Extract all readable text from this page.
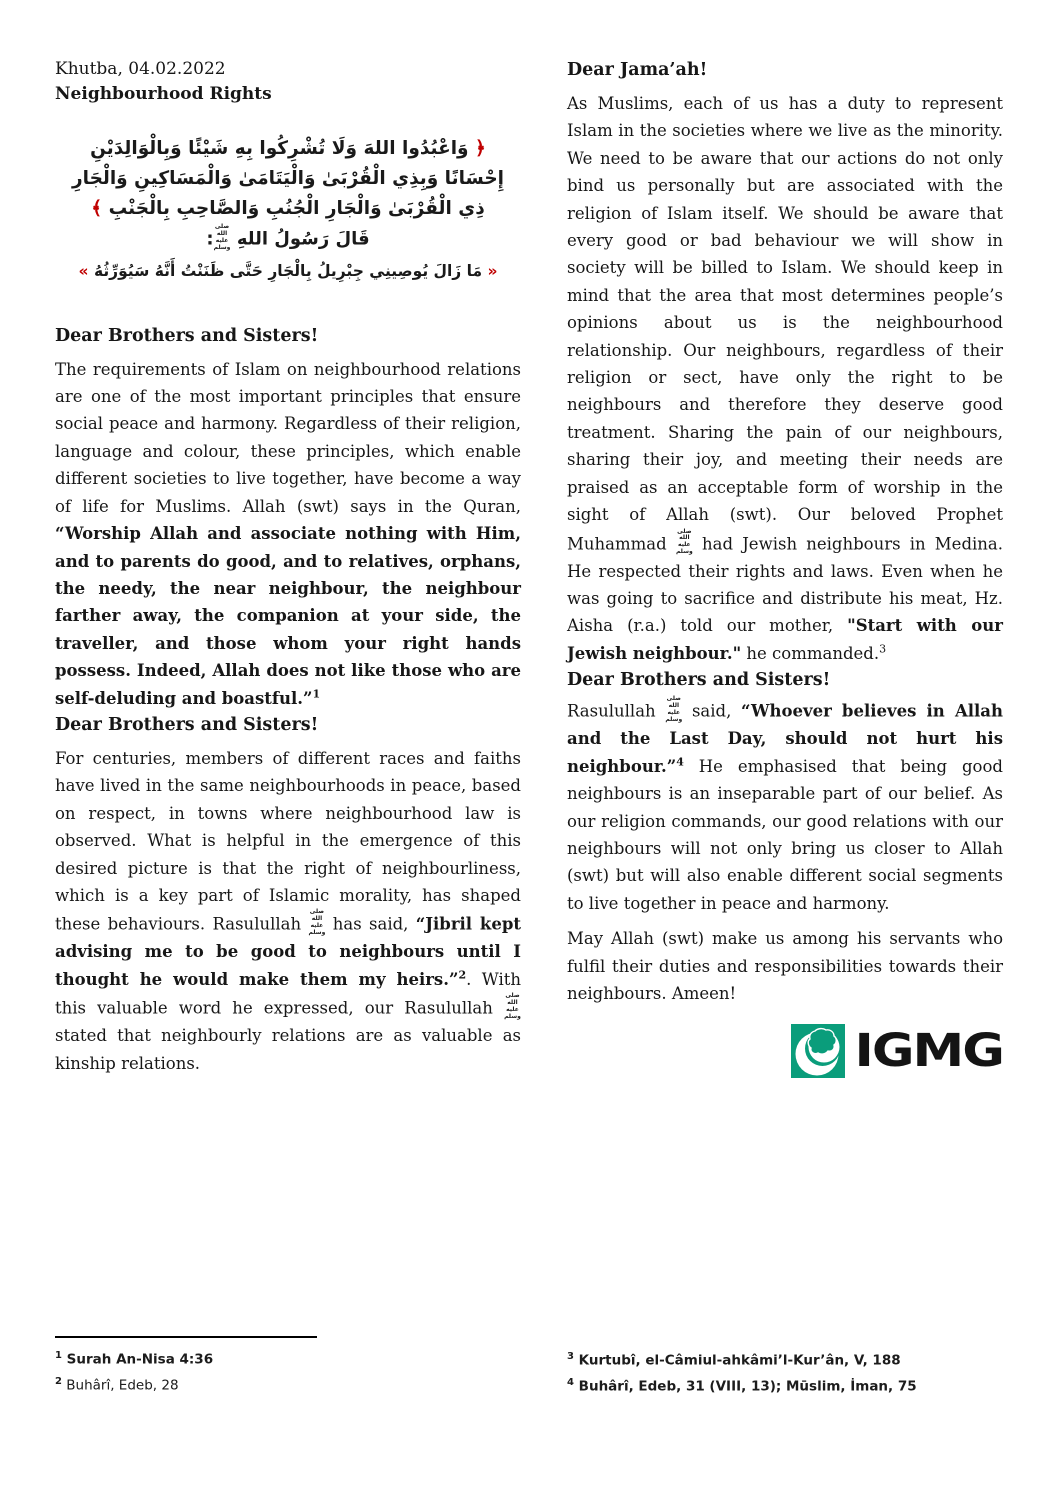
Khutba, 04.02.2022
Neighbourhood Rights

﴿ وَاعْبُدُوا اللهَ وَلَا تُشْرِكُوا بِهِ شَيْئًا وَبِالْوَالِدَيْنِ إِحْسَانًا وَبِذِي الْقُرْبَىٰ وَالْيَتَامَىٰ وَالْمَسَاكِينِ وَالْجَارِ ذِي الْقُرْبَىٰ وَالْجَارِ الْجُنُبِ وَالصَّاحِبِ بِالْجَنْبِ ﴾

قَالَ رَسُولُ اللهِ صلى الله عليه وسلم:

« مَا زَالَ يُوصِينِي جِبْرِيلُ بِالْجَارِ حَتَّى ظَنَنْتُ أَنَّهُ سَيُوَرِّثُهُ »

Dear Brothers and Sisters!

The requirements of Islam on neighbourhood relations are one of the most important principles that ensure social peace and harmony. Regardless of their religion, language and colour, these principles, which enable different societies to live together, have become a way of life for Muslims. Allah (swt) says in the Quran, “Worship Allah and associate nothing with Him, and to parents do good, and to relatives, orphans, the needy, the near neighbour, the neighbour farther away, the companion at your side, the traveller, and those whom your right hands possess. Indeed, Allah does not like those who are self-deluding and boastful.”$^1$

Dear Brothers and Sisters!

For centuries, members of different races and faiths have lived in the same neighbourhoods in peace, based on respect, in towns where neighbourhood law is observed. What is helpful in the emergence of this desired picture is that the right of neighbourliness, which is a key part of Islamic morality, has shaped these behaviours. Rasulullah صلى الله عليه وسلم has said, “Jibril kept advising me to be good to neighbours until I thought he would make them my heirs.”$^2$. With this valuable word he expressed, our Rasulullah صلى الله عليه وسلم stated that neighbourly relations are as valuable as kinship relations.

Dear Jama’ah!

As Muslims, each of us has a duty to represent Islam in the societies where we live as the minority. We need to be aware that our actions do not only bind us personally but are associated with the religion of Islam itself. We should be aware that every good or bad behaviour we will show in society will be billed to Islam. We should keep in mind that the area that most determines people’s opinions about us is the neighbourhood relationship. Our neighbours, regardless of their religion or sect, have only the right to be neighbours and therefore they deserve good treatment. Sharing the pain of our neighbours, sharing their joy, and meeting their needs are praised as an acceptable form of worship in the sight of Allah (swt). Our beloved Prophet Muhammad صلى الله عليه وسلم had Jewish neighbours in Medina. He respected their rights and laws. Even when he was going to sacrifice and distribute his meat, Hz. Aisha (r.a.) told our mother, "Start with our Jewish neighbour." he commanded.$^3$

Dear Brothers and Sisters!

Rasulullah صلى الله عليه وسلم said, “Whoever believes in Allah and the Last Day, should not hurt his neighbour.”$^4$ He emphasised that being good neighbours is an inseparable part of our belief. As our religion commands, our good relations with our neighbours will not only bring us closer to Allah (swt) but will also enable different social segments to live together in peace and harmony.

May Allah (swt) make us among his servants who fulfil their duties and responsibilities towards their neighbours. Ameen!

IGMG
$^1$ Surah An-Nisa 4:36
$^2$ Buhârî, Edeb, 28
$^3$ Kurtubî, el-Câmiul-ahkâmi’l-Kur’ân, V, 188
$^4$ Buhârî, Edeb, 31 (VIII, 13); Mūslim, İman, 75
